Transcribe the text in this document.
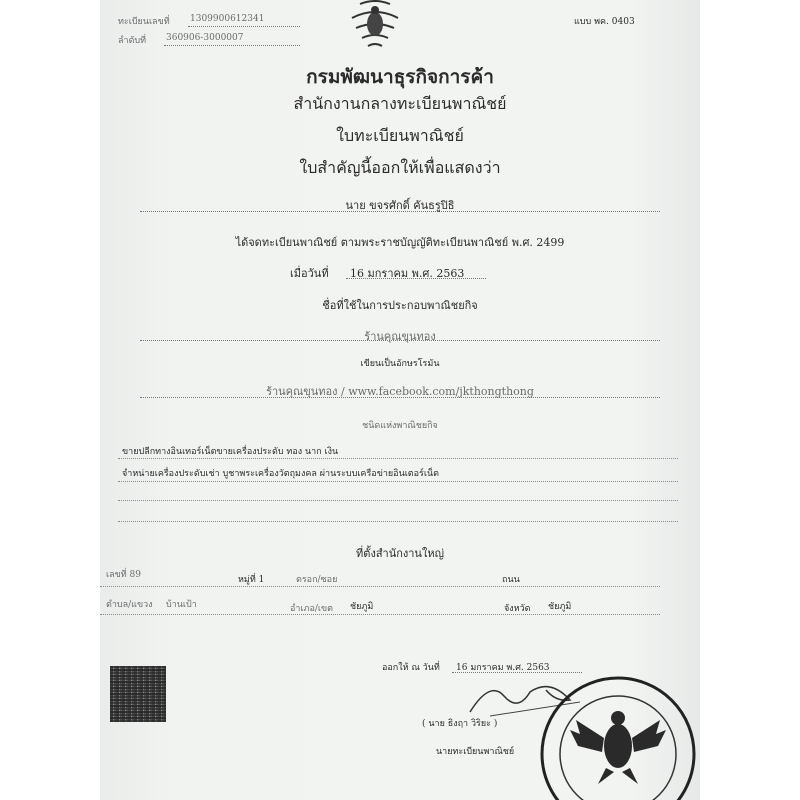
ทะเบียนเลขที่ 1309900612341
ลำดับที่ 360906-3000007
แบบ พค. 0403
กรมพัฒนาธุรกิจการค้า
สำนักงานกลางทะเบียนพาณิชย์
ใบทะเบียนพาณิชย์
ใบสำคัญนี้ออกให้เพื่อแสดงว่า
นาย ขจรศักดิ์ คันธรูปิธิ
ได้จดทะเบียนพาณิชย์ ตามพระราชบัญญัติทะเบียนพาณิชย์ พ.ศ. 2499
เมื่อวันที่ 16 มกราคม พ.ศ. 2563
ชื่อที่ใช้ในการประกอบพาณิชยกิจ
ร้านคุณขุนทอง
เขียนเป็นอักษรโรมัน
ร้านคุณขุนทอง / www.facebook.com/jkthongthong
ชนิดแห่งพาณิชยกิจ
ขายปลีกทางอินเทอร์เน็ตขายเครื่องประดับ ทอง นาก เงิน
จำหน่ายเครื่องประดับเช่า บูชาพระเครื่องวัตถุมงคล ผ่านระบบเครือข่ายอินเตอร์เน็ต
ที่ตั้งสำนักงานใหญ่
เลขที่ 89	หมู่ที่ 1	ตรอก/ซอย	ถนน
ตำบล/แขวง บ้านเป้า	อำเภอ/เขต ชัยภูมิ	จังหวัด ชัยภูมิ
ออกให้ ณ วันที่ 16 มกราคม พ.ศ. 2563
( นาย ธิงฤา วิริยะ )
นายทะเบียนพาณิชย์
